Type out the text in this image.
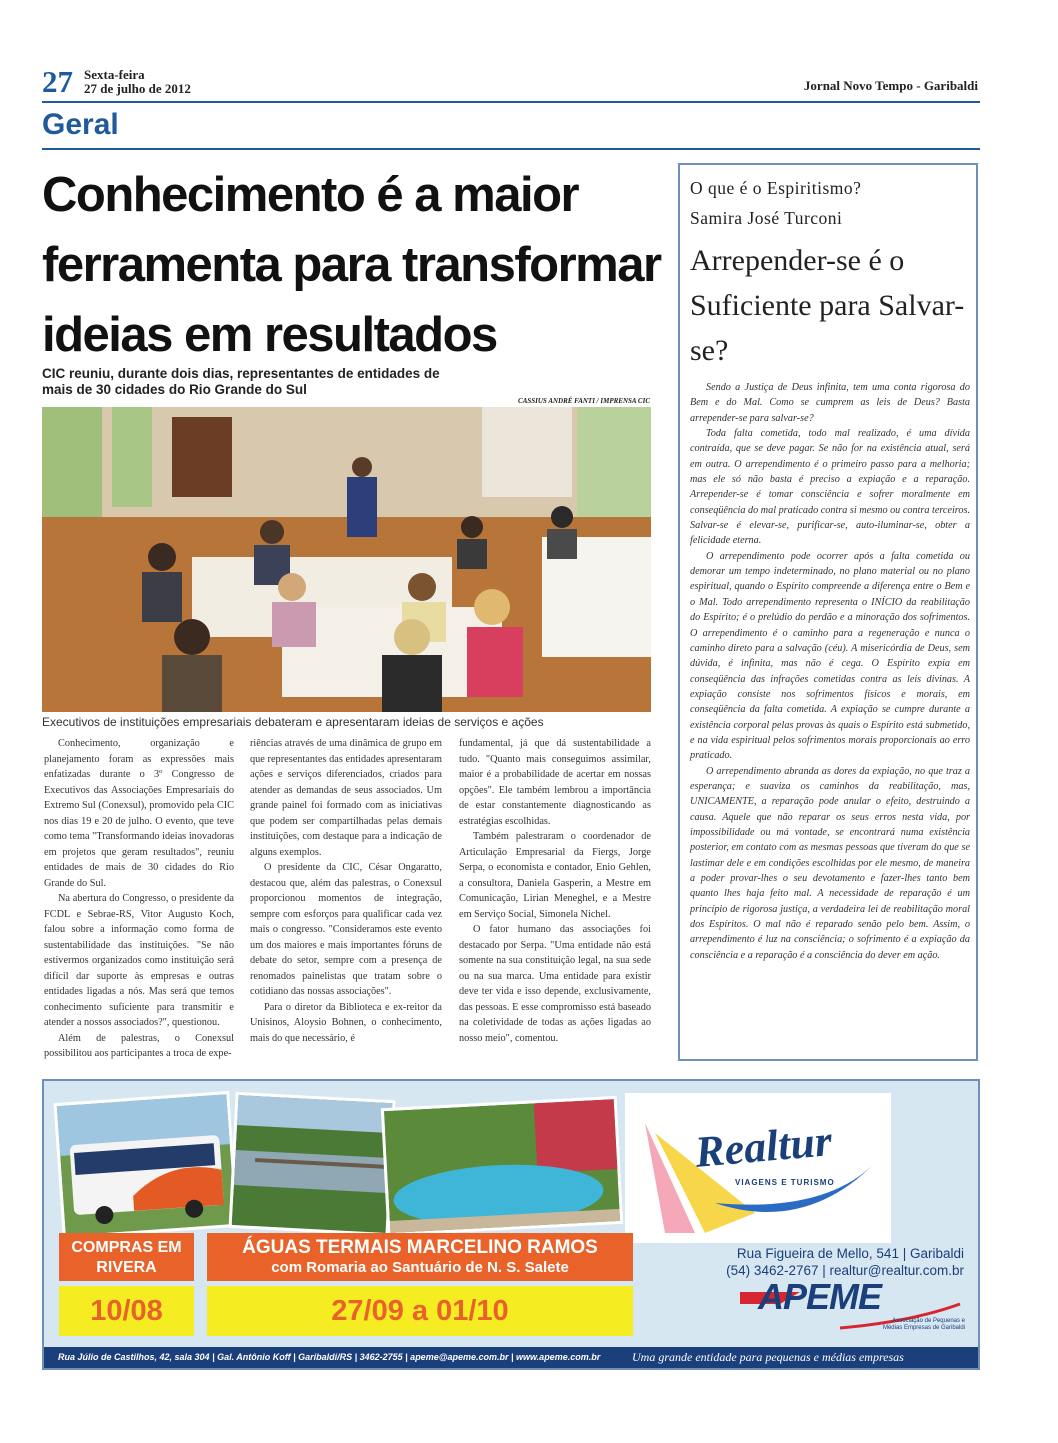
27 Sexta-feira
27 de julho de 2012	Jornal Novo Tempo - Garibaldi
Geral
Conhecimento é a maior ferramenta para transformar ideias em resultados
CIC reuniu, durante dois dias, representantes de entidades de mais de 30 cidades do Rio Grande do Sul
CASSIUS ANDRÉ FANTI / IMPRENSA CIC
Executivos de instituições empresariais debateram e apresentaram ideias de serviços e ações

Conhecimento, organização e planejamento foram as expressões mais enfatizadas durante o 3º Congresso de Executivos das Associações Empresariais do Extremo Sul (Conexsul), promovido pela CIC nos dias 19 e 20 de julho. O evento, que teve como tema "Transformando ideias inovadoras em projetos que geram resultados", reuniu entidades de mais de 30 cidades do Rio Grande do Sul.

Na abertura do Congresso, o presidente da FCDL e Sebrae-RS, Vitor Augusto Koch, falou sobre a informação como forma de sustentabilidade das instituições. "Se não estivermos organizados como instituição será difícil dar suporte às empresas e outras entidades ligadas a nós. Mas será que temos conhecimento suficiente para transmitir e atender a nossos associados?", questionou.

Além de palestras, o Conexsul possibilitou aos participantes a troca de expe-

riências através de uma dinâmica de grupo em que representantes das entidades apresentaram ações e serviços diferenciados, criados para atender as demandas de seus associados. Um grande painel foi formado com as iniciativas que podem ser compartilhadas pelas demais instituições, com destaque para a indicação de alguns exemplos.

O presidente da CIC, César Ongaratto, destacou que, além das palestras, o Conexsul proporcionou momentos de integração, sempre com esforços para qualificar cada vez mais o congresso. "Consideramos este evento um dos maiores e mais importantes fóruns de debate do setor, sempre com a presença de renomados painelistas que tratam sobre o cotidiano das nossas associações".

Para o diretor da Biblioteca e ex-reitor da Unisinos, Aloysio Bohnen, o conhecimento, mais do que necessário, é

fundamental, já que dá sustentabilidade a tudo. "Quanto mais conseguimos assimilar, maior é a probabilidade de acertar em nossas opções". Ele também lembrou a importância de estar constantemente diagnosticando as estratégias escolhidas.

Também palestraram o coordenador de Articulação Empresarial da Fiergs, Jorge Serpa, o economista e contador, Enio Gehlen, a consultora, Daniela Gasperin, a Mestre em Comunicação, Lirian Meneghel, e a Mestre em Serviço Social, Simonela Nichel.

O fator humano das associações foi destacado por Serpa. "Uma entidade não está somente na sua constituição legal, na sua sede ou na sua marca. Uma entidade para existir deve ter vida e isso depende, exclusivamente, das pessoas. E esse compromisso está baseado na coletividade de todas as ações ligadas ao nosso meio", comentou.

O que é o Espiritismo?
Samira José Turconi
Arrepender-se é o Suficiente para Salvar-se?

Sendo a Justiça de Deus infinita, tem uma conta rigorosa do Bem e do Mal. Como se cumprem as leis de Deus? Basta arrepender-se para salvar-se?

Toda falta cometida, todo mal realizado, é uma dívida contraída, que se deve pagar. Se não for na existência atual, será em outra. O arrependimento é o primeiro passo para a melhoria; mas ele só não basta é preciso a expiação e a reparação. Arrepender-se é tomar consciência e sofrer moralmente em conseqüência do mal praticado contra si mesmo ou contra terceiros. Salvar-se é elevar-se, purificar-se, auto-iluminar-se, obter a felicidade eterna.

O arrependimento pode ocorrer após a falta cometida ou demorar um tempo indeterminado, no plano material ou no plano espiritual, quando o Espírito compreende a diferença entre o Bem e o Mal. Todo arrependimento representa o INÍCIO da reabilitação do Espírito; é o prelúdio do perdão e a minoração dos sofrimentos. O arrependimento é o caminho para a regeneração e nunca o caminho direto para a salvação (céu). A misericórdia de Deus, sem dúvida, é infinita, mas não é cega. O Espírito expia em conseqüência das infrações cometidas contra as leis divinas. A expiação consiste nos sofrimentos físicos e morais, em conseqüência da falta cometida. A expiação se cumpre durante a existência corporal pelas provas às quais o Espírito está submetido, e na vida espiritual pelos sofrimentos morais proporcionais ao erro praticado.

O arrependimento abranda as dores da expiação, no que traz a esperança; e suaviza os caminhos da reabilitação, mas, UNICAMENTE, a reparação pode anular o efeito, destruindo a causa. Aquele que não reparar os seus erros nesta vida, por impossibilidade ou má vontade, se encontrará numa existência posterior, em contato com as mesmas pessoas que tiveram do que se lastimar dele e em condições escolhidas por ele mesmo, de maneira a poder provar-lhes o seu devotamento e fazer-lhes tanto bem quanto lhes haja feito mal. A necessidade de reparação é um princípio de rigorosa justiça, a verdadeira lei de reabilitação moral dos Espíritos. O mal não é reparado senão pelo bem. Assim, o arrependimento é luz na consciência; o sofrimento é a expiação da consciência e a reparação é a consciência do dever em ação.

Realtur
VIAGENS E TURISMO
COMPRAS EM RIVERA
10/08
ÁGUAS TERMAIS MARCELINO RAMOS
com Romaria ao Santuário de N. S. Salete
27/09 a 01/10
Rua Figueira de Mello, 541 | Garibaldi
(54) 3462-2767 | realtur@realtur.com.br
APEME
Associação de Pequenas e Médias Empresas de Garibaldi
Rua Júlio de Castilhos, 42, sala 304 | Gal. Antônio Koff | Garibaldi/RS | 3462-2755 | apeme@apeme.com.br | www.apeme.com.br	Uma grande entidade para pequenas e médias empresas
